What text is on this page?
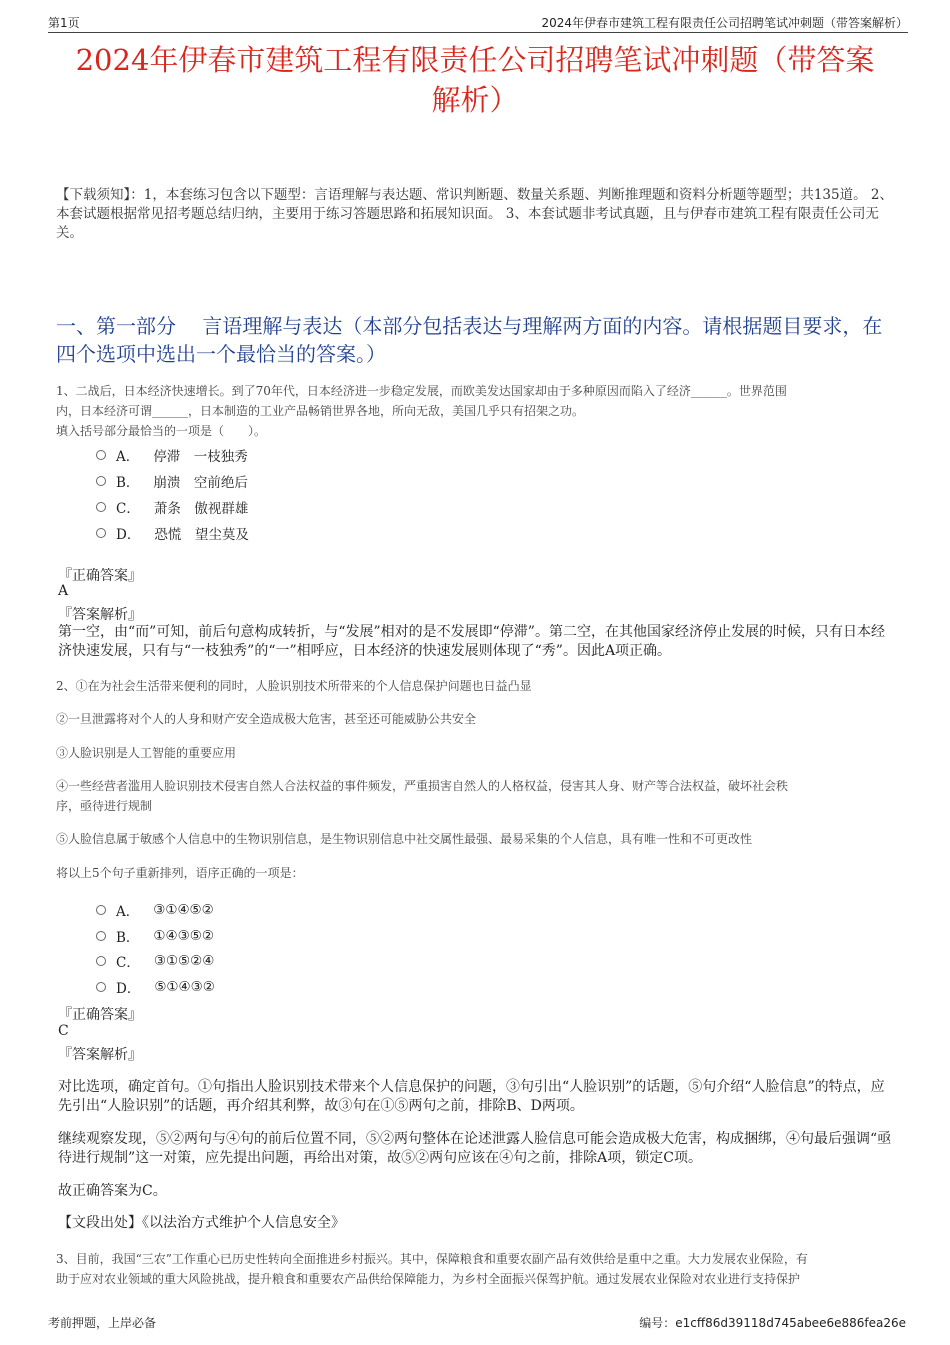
第1页	2024年伊春市建筑工程有限责任公司招聘笔试冲刺题（带答案解析）
2024年伊春市建筑工程有限责任公司招聘笔试冲刺题（带答案
解析）
【下载须知】：1，本套练习包含以下题型：言语理解与表达题、常识判断题、数量关系题、判断推理题和资料分析题等题型；共135道。 2、本套试题根据常见招考题总结归纳，主要用于练习答题思路和拓展知识面。 3、本套试题非考试真题，且与伊春市建筑工程有限责任公司无关。
一、第一部分　 言语理解与表达（本部分包括表达与理解两方面的内容。请根据题目要求，在四个选项中选出一个最恰当的答案。）
1、二战后，日本经济快速增长。到了70年代，日本经济进一步稳定发展，而欧美发达国家却由于多种原因而陷入了经济______。世界范围
内，日本经济可谓______，日本制造的工业产品畅销世界各地，所向无敌，美国几乎只有招架之功。
填入括号部分最恰当的一项是（　　）。
A． 停滞　一枝独秀
B． 崩溃　空前绝后
C． 萧条　傲视群雄
D． 恐慌　望尘莫及
『正确答案』
A
『答案解析』
第一空，由“而”可知，前后句意构成转折，与“发展”相对的是不发展即“停滞”。第二空，在其他国家经济停止发展的时候，只有日本经济快速发展，只有与“一枝独秀”的“一”相呼应，日本经济的快速发展则体现了“秀”。因此A项正确。
2、①在为社会生活带来便利的同时，人脸识别技术所带来的个人信息保护问题也日益凸显
②一旦泄露将对个人的人身和财产安全造成极大危害，甚至还可能威胁公共安全
③人脸识别是人工智能的重要应用
④一些经营者滥用人脸识别技术侵害自然人合法权益的事件频发，严重损害自然人的人格权益，侵害其人身、财产等合法权益，破坏社会秩
序，亟待进行规制
⑤人脸信息属于敏感个人信息中的生物识别信息，是生物识别信息中社交属性最强、最易采集的个人信息，具有唯一性和不可更改性
将以上5个句子重新排列，语序正确的一项是：
A． ③①④⑤②
B． ①④③⑤②
C． ③①⑤②④
D． ⑤①④③②
『正确答案』
C
『答案解析』
对比选项，确定首句。①句指出人脸识别技术带来个人信息保护的问题，③句引出“人脸识别”的话题，⑤句介绍“人脸信息”的特点，应先引出“人脸识别”的话题，再介绍其利弊，故③句在①⑤两句之前，排除B、D两项。
继续观察发现，⑤②两句与④句的前后位置不同，⑤②两句整体在论述泄露人脸信息可能会造成极大危害，构成捆绑，④句最后强调“亟待进行规制”这一对策，应先提出问题，再给出对策，故⑤②两句应该在④句之前，排除A项，锁定C项。
故正确答案为C。
【文段出处】《以法治方式维护个人信息安全》
3、目前，我国“三农”工作重心已历史性转向全面推进乡村振兴。其中，保障粮食和重要农副产品有效供给是重中之重。大力发展农业保险，有
助于应对农业领域的重大风险挑战，提升粮食和重要农产品供给保障能力，为乡村全面振兴保驾护航。通过发展农业保险对农业进行支持保护
考前押题，上岸必备	编号：e1cff86d39118d745abee6e886fea26e
